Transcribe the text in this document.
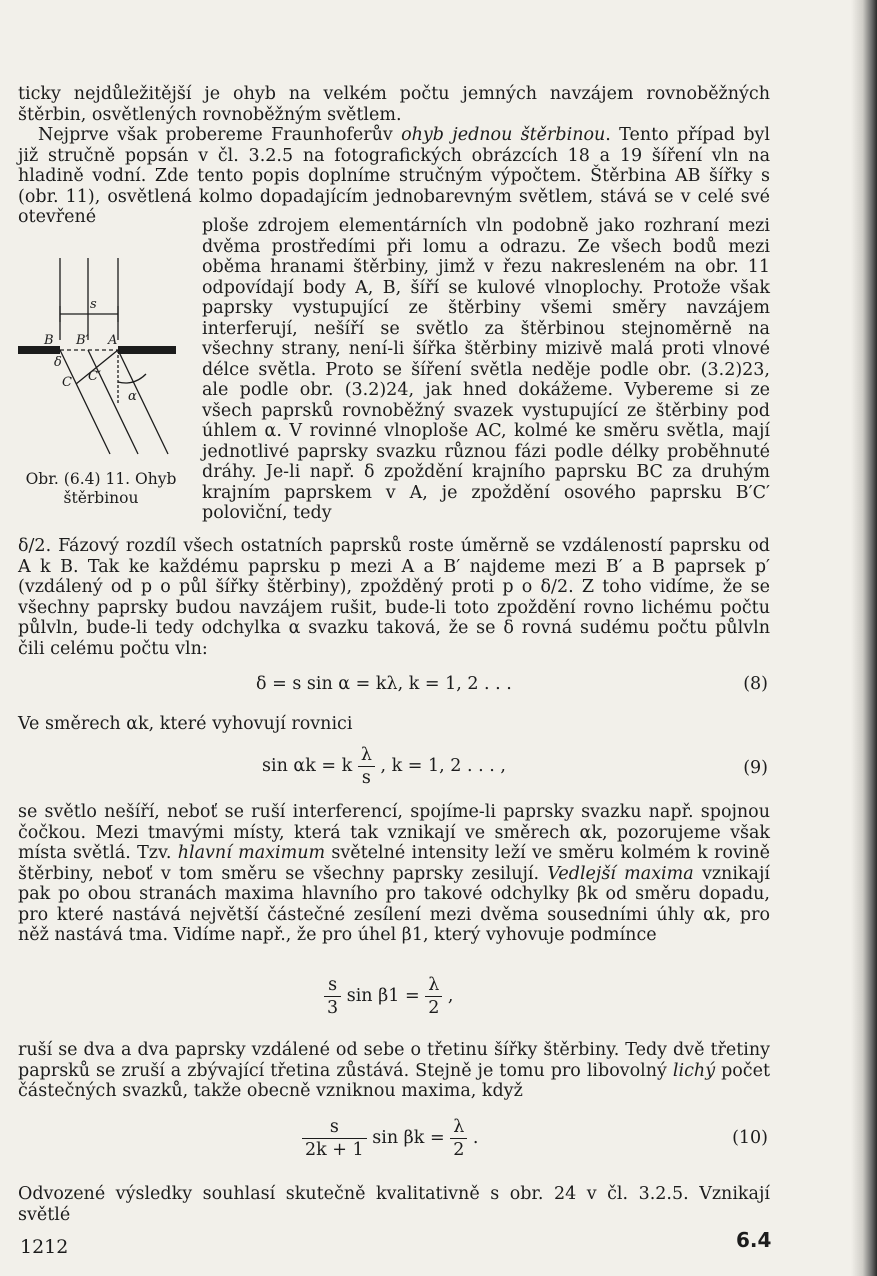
ticky nejdůležitější je ohyb na velkém počtu jemných navzájem rovnoběžných štěrbin, osvětlených rovnoběžným světlem.

Nejprve však probereme Fraunhoferův ohyb jednou štěrbinou. Tento případ byl již stručně popsán v čl. 3.2.5 na fotografických obrázcích 18 a 19 šíření vln na hladině vodní. Zde tento popis doplníme stručným výpočtem. Štěrbina AB šířky s (obr. 11), osvětlená kolmo dopadajícím jednobarevným světlem, stává se v celé své otevřené

s
B B′ A
δ
C C′
α
Obr. (6.4) 11. Ohyb štěrbinou
ploše zdrojem elementárních vln podobně jako rozhraní mezi dvěma prostředími při lomu a odrazu. Ze všech bodů mezi oběma hranami štěrbiny, jimž v řezu nakresleném na obr. 11 odpovídají body A, B, šíří se kulové vlnoplochy. Protože však paprsky vystupující ze štěrbiny všemi směry navzájem interferují, nešíří se světlo za štěrbinou stejnoměrně na všechny strany, není-li šířka štěrbiny mizivě malá proti vlnové délce světla. Proto se šíření světla neděje podle obr. (3.2)23, ale podle obr. (3.2)24, jak hned dokážeme. Vybereme si ze všech paprsků rovnoběžný svazek vystupující ze štěrbiny pod úhlem α. V rovinné vlnoploše AC, kolmé ke směru světla, mají jednotlivé paprsky svazku různou fázi podle délky proběhnuté dráhy. Je-li např. δ zpoždění krajního paprsku BC za druhým krajním paprskem v A, je zpoždění osového paprsku B′C′ poloviční, tedy
δ/2. Fázový rozdíl všech ostatních paprsků roste úměrně se vzdáleností paprsku od A k B. Tak ke každému paprsku p mezi A a B′ najdeme mezi B′ a B paprsek p′ (vzdálený od p o půl šířky štěrbiny), zpožděný proti p o δ/2. Z toho vidíme, že se všechny paprsky budou navzájem rušit, bude-li toto zpoždění rovno lichému počtu půlvln, bude-li tedy odchylka α svazku taková, že se δ rovná sudému počtu půlvln čili celému počtu vln:
δ = s sin α = kλ, k = 1, 2 . . .	(8)
Ve směrech αk, které vyhovují rovnici
sin αk = k $\frac{\lambda}{s}$ , k = 1, 2 . . . ,	(9)

se světlo nešíří, neboť se ruší interferencí, spojíme-li paprsky svazku např. spojnou čočkou. Mezi tmavými místy, která tak vznikají ve směrech αk, pozorujeme však místa světlá. Tzv. hlavní maximum světelné intensity leží ve směru kolmém k rovině štěrbiny, neboť v tom směru se všechny paprsky zesilují. Vedlejší maxima vznikají pak po obou stranách maxima hlavního pro takové odchylky βk od směru dopadu, pro které nastává největší částečné zesílení mezi dvěma sousedními úhly αk, pro něž nastává tma. Vidíme např., že pro úhel β1, který vyhovuje podmínce

$\frac{s}{3}$ $\sin \beta 1 = \frac{\lambda}{2}$ ,

ruší se dva a dva paprsky vzdálené od sebe o třetinu šířky štěrbiny. Tedy dvě třetiny paprsků se zruší a zbývající třetina zůstává. Stejně je tomu pro libovolný lichý počet částečných svazků, takže obecně vzniknou maxima, když

$\frac{s}{2k + 1}$ $\sin \beta k = \frac{\lambda}{2}$ .	(10)
Odvozené výsledky souhlasí skutečně kvalitativně s obr. 24 v čl. 3.2.5. Vznikají světlé
1212	6.4
